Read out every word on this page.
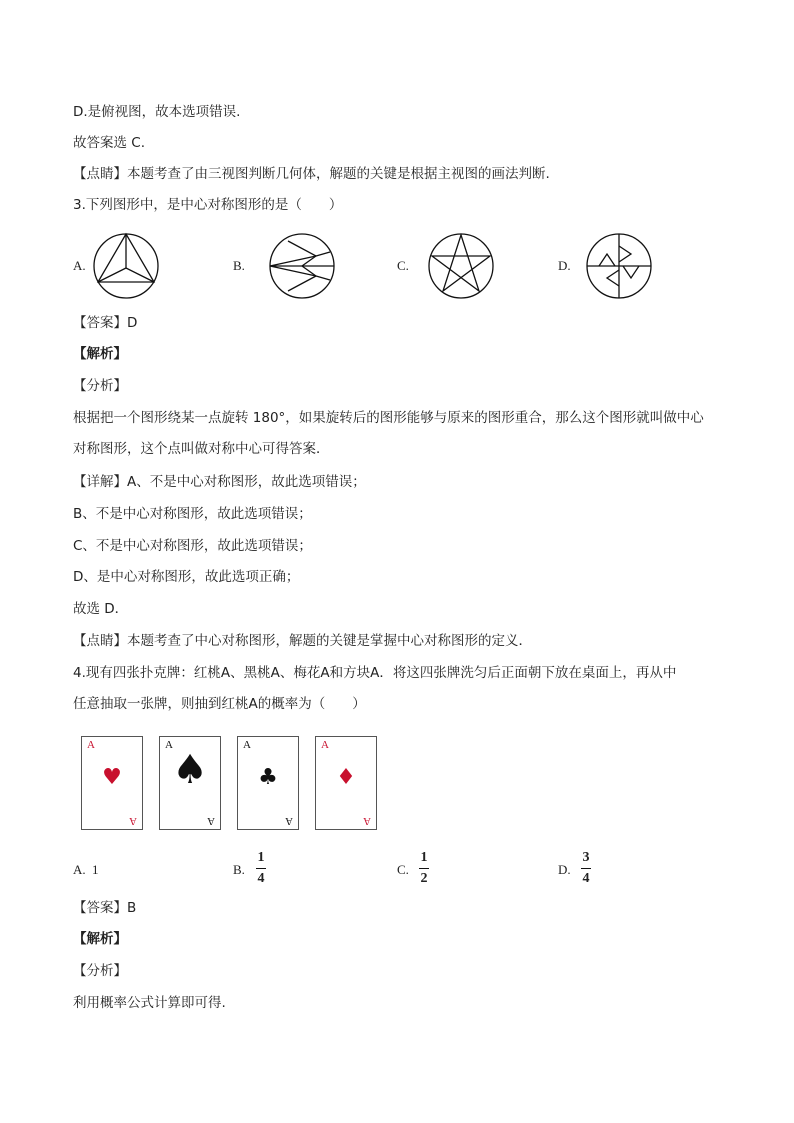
D.是俯视图，故本选项错误.
故答案选 C.
【点睛】本题考查了由三视图判断几何体，解题的关键是根据主视图的画法判断.
3.下列图形中，是中心对称图形的是（　　）
A.	B.	C.	D.
【答案】D
【解析】
【分析】
根据把一个图形绕某一点旋转 180°，如果旋转后的图形能够与原来的图形重合，那么这个图形就叫做中心
对称图形，这个点叫做对称中心可得答案．
【详解】A、不是中心对称图形，故此选项错误；
B、不是中心对称图形，故此选项错误；
C、不是中心对称图形，故此选项错误；
D、是中心对称图形，故此选项正确；
故选 D．
【点睛】本题考查了中心对称图形，解题的关键是掌握中心对称图形的定义．
4.现有四张扑克牌：红桃A、黑桃A、梅花A和方块A．将这四张牌洗匀后正面朝下放在桌面上，再从中
任意抽取一张牌，则抽到红桃A的概率为（　　）
A
♥
A
A
♠
A
A
♣
A
A
♦
A
A. 1	B.
1
4
C.
1
2
D.
3
4
【答案】B
【解析】
【分析】
利用概率公式计算即可得.
